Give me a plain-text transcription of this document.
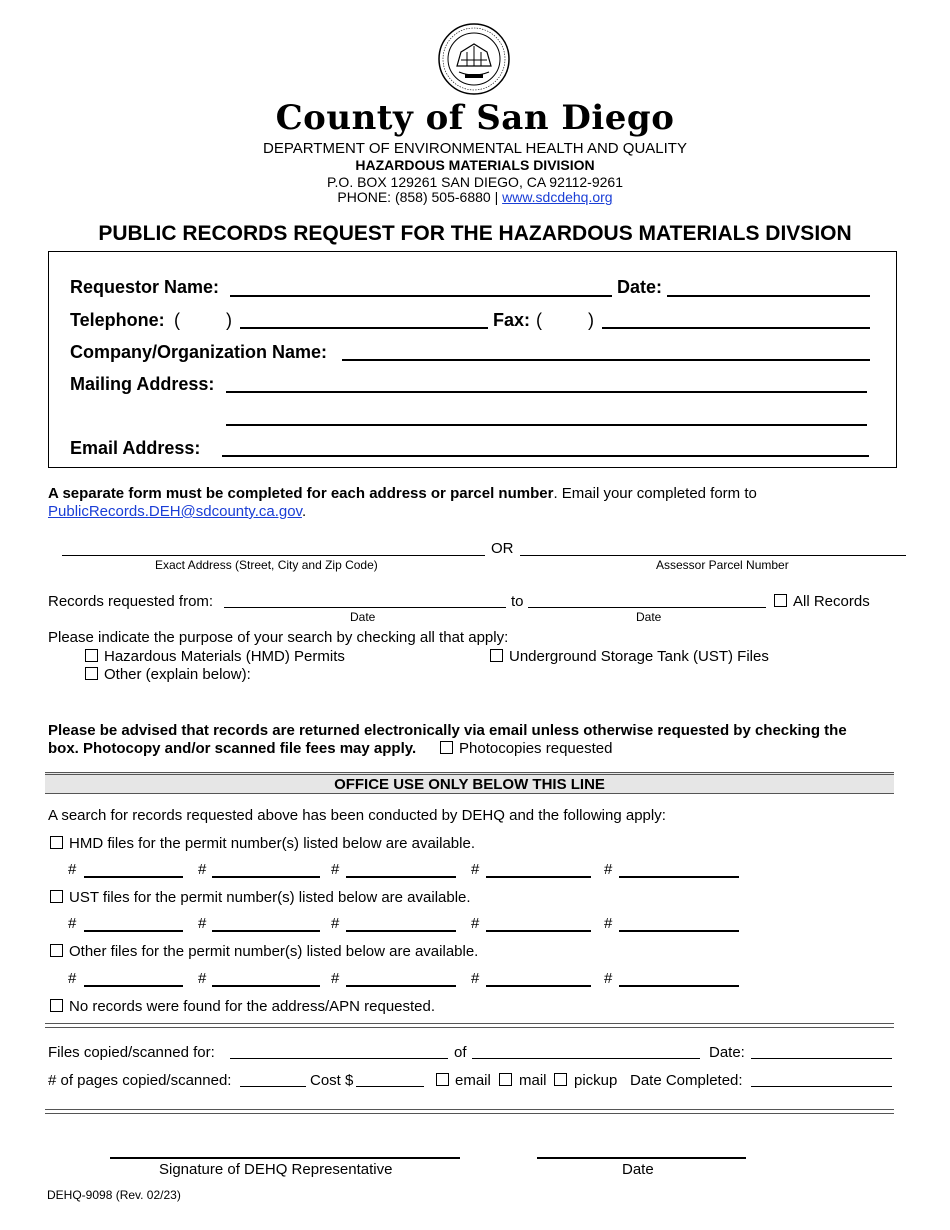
County of San Diego
DEPARTMENT OF ENVIRONMENTAL HEALTH AND QUALITY
HAZARDOUS MATERIALS DIVISION
P.O. BOX 129261 SAN DIEGO, CA 92112-9261
PHONE: (858) 505-6880 | www.sdcdehq.org
PUBLIC RECORDS REQUEST FOR THE HAZARDOUS MATERIALS DIVSION
Requestor Name:	Date:
Telephone: (	)	Fax: (	)
Company/Organization Name:
Mailing Address:
Email Address:
A separate form must be completed for each address or parcel number. Email your completed form to
PublicRecords.DEH@sdcounty.ca.gov.
OR
Exact Address (Street, City and Zip Code)	Assessor Parcel Number
Records requested from:	to	All Records
Date	Date
Please indicate the purpose of your search by checking all that apply:
Hazardous Materials (HMD) Permits	Underground Storage Tank (UST) Files
Other (explain below):
Please be advised that records are returned electronically via email unless otherwise requested by checking the
box. Photocopy and/or scanned file fees may apply.	Photocopies requested
OFFICE USE ONLY BELOW THIS LINE
A search for records requested above has been conducted by DEHQ and the following apply:
HMD files for the permit number(s) listed below are available.
#	#	#	#	#
UST files for the permit number(s) listed below are available.
#	#	#	#	#
Other files for the permit number(s) listed below are available.
#	#	#	#	#
No records were found for the address/APN requested.
Files copied/scanned for:	of	Date:
# of pages copied/scanned:	Cost $	email mail pickup Date Completed:
Signature of DEHQ Representative	Date
DEHQ-9098 (Rev. 02/23)
